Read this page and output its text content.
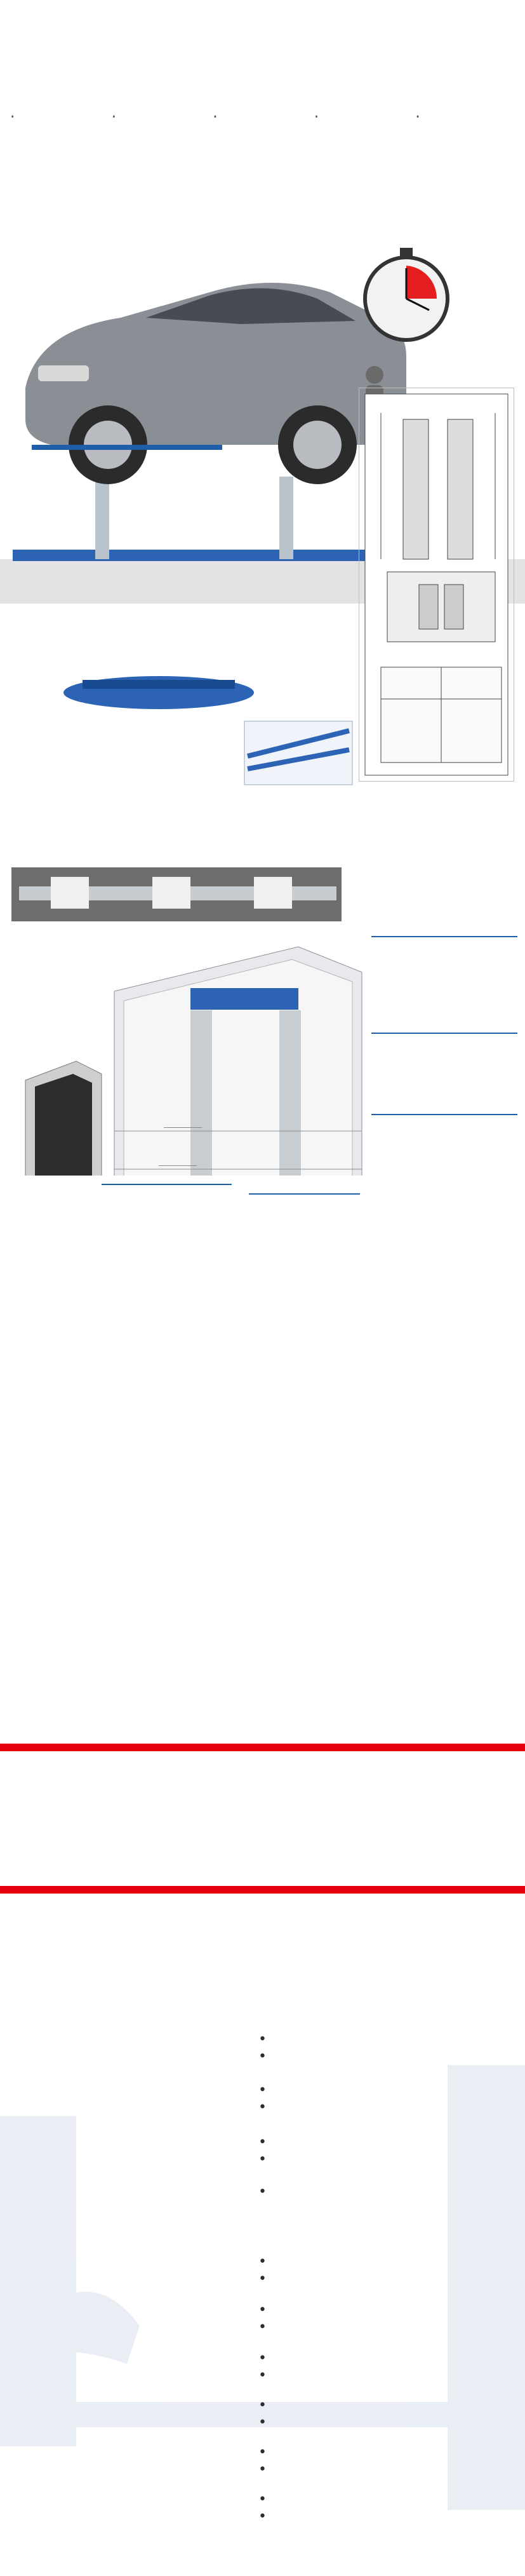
•
•
•
•
•
•
•
•
•
•
•
•
•
•
•
•
•
•
•
